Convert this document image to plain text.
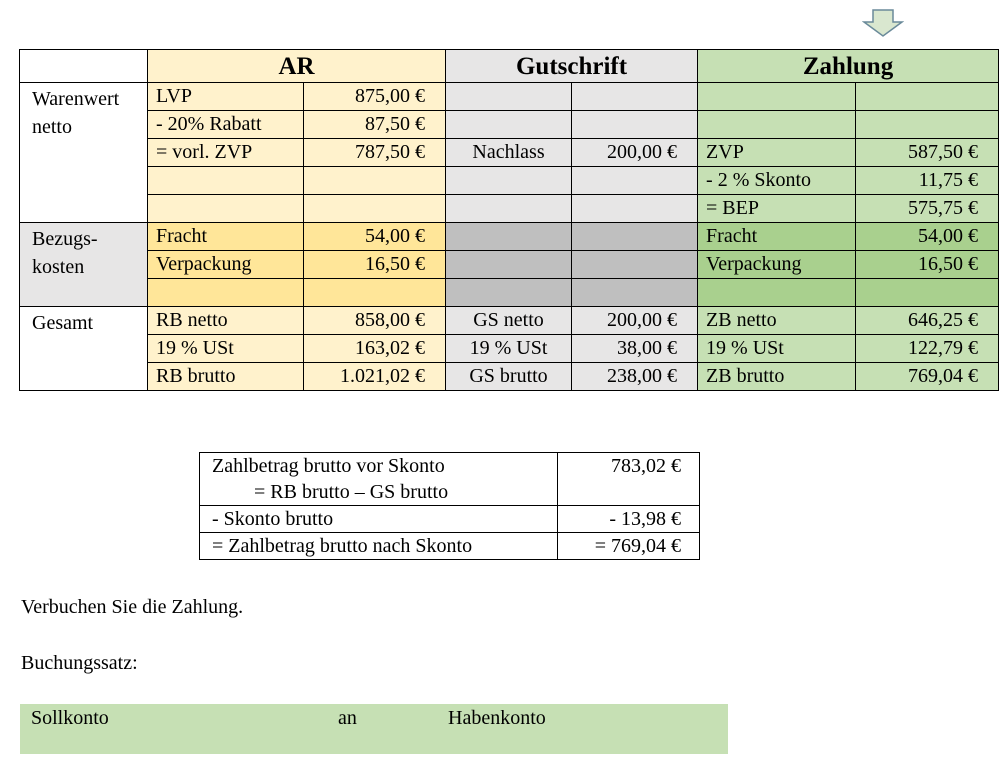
	AR		Gutschrift		Zahlung	
Warenwert netto	LVP	875,00 €				
	- 20% Rabatt	87,50 €				
	= vorl. ZVP	787,50 €	Nachlass	200,00 €	ZVP	587,50 €
					- 2 % Skonto	11,75 €
					= BEP	575,75 €
Bezugs- kosten	Fracht	54,00 €			Fracht	54,00 €
	Verpackung	16,50 €			Verpackung	16,50 €

Gesamt	RB netto	858,00 €	GS netto	200,00 €	ZB netto	646,25 €
	19 % USt	163,02 €	19 % USt	38,00 €	19 % USt	122,79 €
	RB brutto	1.021,02 €	GS brutto	238,00 €	ZB brutto	769,04 €
Zahlbetrag brutto vor Skonto
= RB brutto – GS brutto	783,02 €

- Skonto brutto	- 13,98 €

= Zahlbetrag brutto nach Skonto	= 769,04 €
Verbuchen Sie die Zahlung.
Buchungssatz:
Sollkonto	an	Habenkonto
